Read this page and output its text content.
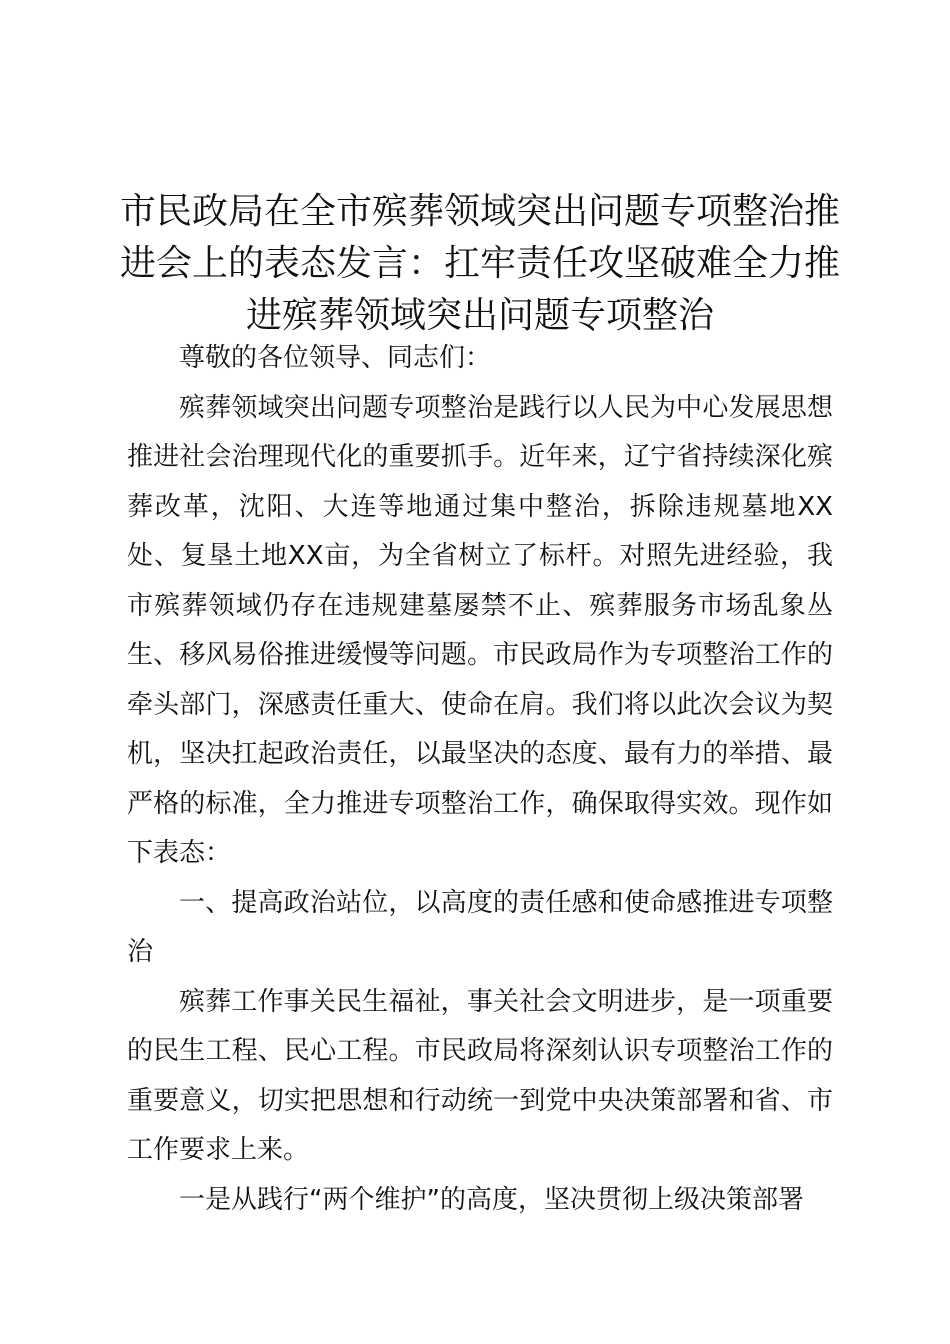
市民政局在全市殡葬领域突出问题专项整治推
进会上的表态发言：扛牢责任攻坚破难全力推
进殡葬领域突出问题专项整治

尊敬的各位领导、同志们：

殡葬领域突出问题专项整治是践行以人民为中心发展思想推进社会治理现代化的重要抓手。近年来，辽宁省持续深化殡葬改革，沈阳、大连等地通过集中整治，拆除违规墓地XX处、复垦土地XX亩，为全省树立了标杆。对照先进经验，我市殡葬领域仍存在违规建墓屡禁不止、殡葬服务市场乱象丛生、移风易俗推进缓慢等问题。市民政局作为专项整治工作的牵头部门，深感责任重大、使命在肩。我们将以此次会议为契机，坚决扛起政治责任，以最坚决的态度、最有力的举措、最严格的标准，全力推进专项整治工作，确保取得实效。现作如下表态：

一、提高政治站位，以高度的责任感和使命感推进专项整治

殡葬工作事关民生福祉，事关社会文明进步，是一项重要的民生工程、民心工程。市民政局将深刻认识专项整治工作的重要意义，切实把思想和行动统一到党中央决策部署和省、市工作要求上来。

一是从践行“两个维护”的高度，坚决贯彻上级决策部署
